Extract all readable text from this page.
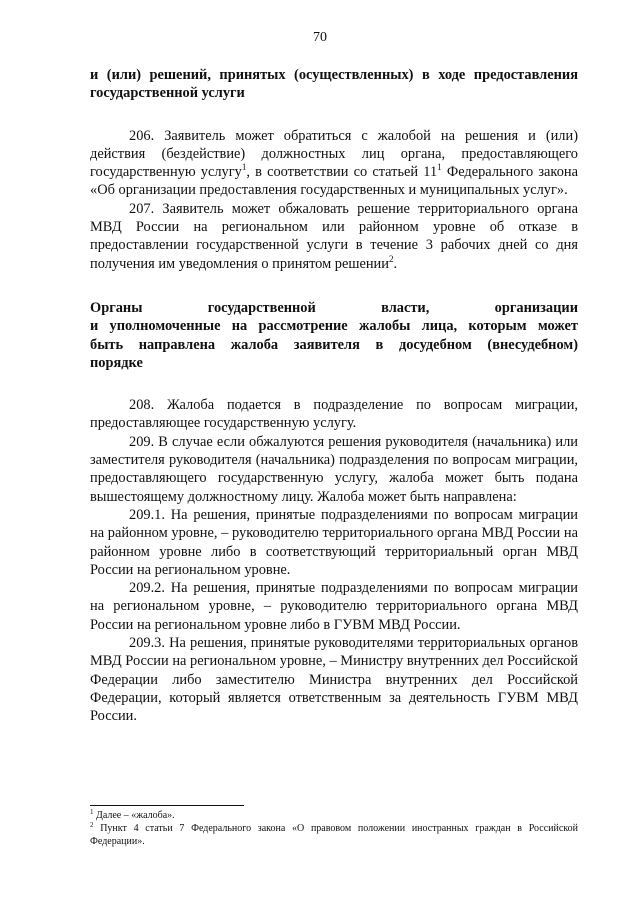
70
и (или) решений, принятых (осуществленных) в ходе предоставления государственной услуги

206. Заявитель может обратиться с жалобой на решения и (или) действия (бездействие) должностных лиц органа, предоставляющего государственную услугу$^1$, в соответствии со статьей $11^1$ Федерального закона «Об организации предоставления государственных и муниципальных услуг».

207. Заявитель может обжаловать решение территориального органа МВД России на региональном или районном уровне об отказе в предоставлении государственной услуги в течение 3 рабочих дней со дня получения им уведомления о принятом решении$^2$.

Органы государственной власти, организации
и уполномоченные на рассмотрение жалобы лица, которым может
быть направлена жалоба заявителя в досудебном (внесудебном)
порядке

208. Жалоба подается в подразделение по вопросам миграции, предоставляющее государственную услугу.

209. В случае если обжалуются решения руководителя (начальника) или заместителя руководителя (начальника) подразделения по вопросам миграции, предоставляющего государственную услугу, жалоба может быть подана вышестоящему должностному лицу. Жалоба может быть направлена:

209.1. На решения, принятые подразделениями по вопросам миграции на районном уровне, – руководителю территориального органа МВД России на районном уровне либо в соответствующий территориальный орган МВД России на региональном уровне.

209.2. На решения, принятые подразделениями по вопросам миграции на региональном уровне, – руководителю территориального органа МВД России на региональном уровне либо в ГУВМ МВД России.

209.3. На решения, принятые руководителями территориальных органов МВД России на региональном уровне, – Министру внутренних дел Российской Федерации либо заместителю Министра внутренних дел Российской Федерации, который является ответственным за деятельность ГУВМ МВД России.

$^1$ Далее – «жалоба».
$^2$ Пункт 4 статьи 7 Федерального закона «О правовом положении иностранных граждан в Российской Федерации».
